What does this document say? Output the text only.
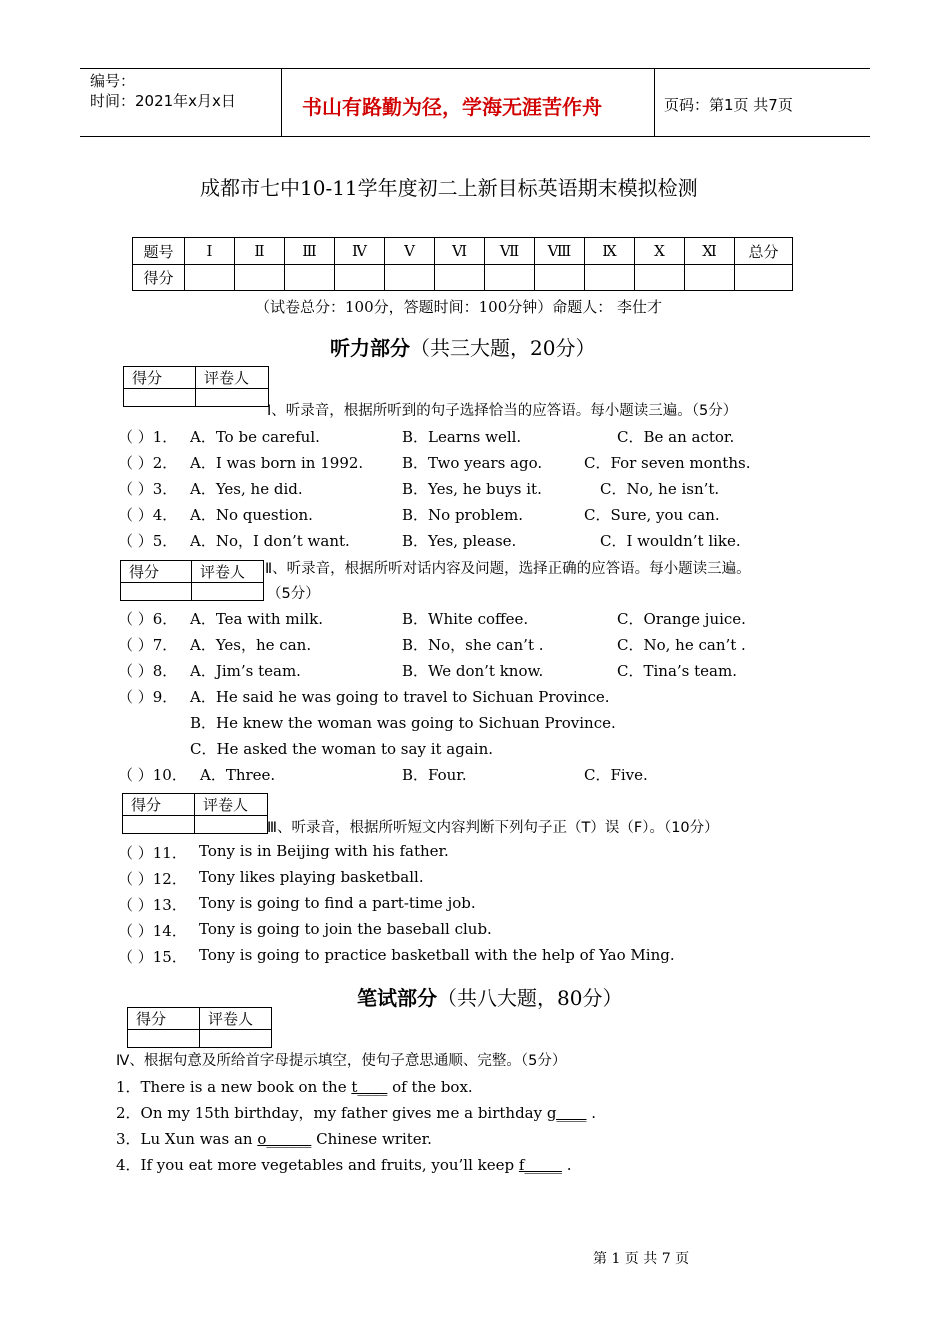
编号：
时间：2021年x月x日	书山有路勤为径，学海无涯苦作舟	页码：第1页 共7页
成都市七中10-11学年度初二上新目标英语期末模拟检测
题号	Ⅰ	Ⅱ	Ⅲ	Ⅳ	Ⅴ	Ⅵ	Ⅶ	Ⅷ	Ⅸ	Ⅹ	Ⅺ	总分
得分												
（试卷总分：100分，答题时间：100分钟）命题人： 李仕才
听力部分（共三大题，20分）
得分	评卷人

Ⅰ、听录音，根据所听到的句子选择恰当的应答语。每小题读三遍。（5分）
（ ）1． A．To be careful.	B．Learns well.	C．Be an actor.
（ ）2． A．I was born in 1992.	B．Two years ago.	C．For seven months.
（ ）3． A．Yes, he did.	B．Yes, he buys it.	C．No, he isn’t.
（ ）4． A．No question.	B．No problem.	C．Sure, you can.
（ ）5． A．No，I don’t want.	B．Yes, please.	C．I wouldn’t like.
得分	评卷人
	Ⅱ、听录音，根据所听对话内容及问题，选择正确的应答语。每小题读三遍。
（5分）
（ ）6． A．Tea with milk.	B．White coffee.	C．Orange juice.
（ ）7． A．Yes，he can.	B．No，she can’t .	C．No, he can’t .
（ ）8． A．Jim’s team.	B．We don’t know.	C．Tina’s team.
（ ）9． A．He said he was going to travel to Sichuan Province.
B．He knew the woman was going to Sichuan Province.
C．He asked the woman to say it again.
（ ）10． A．Three.	B．Four.	C．Five.
得分	评卷人

Ⅲ、听录音，根据所听短文内容判断下列句子正（T）误（F）。（10分）
（ ）11． Tony is in Beijing with his father.
（ ）12． Tony likes playing basketball.
（ ）13． Tony is going to find a part-time job.
（ ）14． Tony is going to join the baseball club.
（ ）15． Tony is going to practice basketball with the help of Yao Ming.
笔试部分（共八大题，80分）
得分	评卷人

Ⅳ、根据句意及所给首字母提示填空，使句子意思通顺、完整。（5分）
1．There is a new book on the t____ of the box.
2．On my 15th birthday，my father gives me a birthday g____ .
3．Lu Xun was an o______ Chinese writer.
4．If you eat more vegetables and fruits, you’ll keep f_____ .
第 1 页 共 7 页
